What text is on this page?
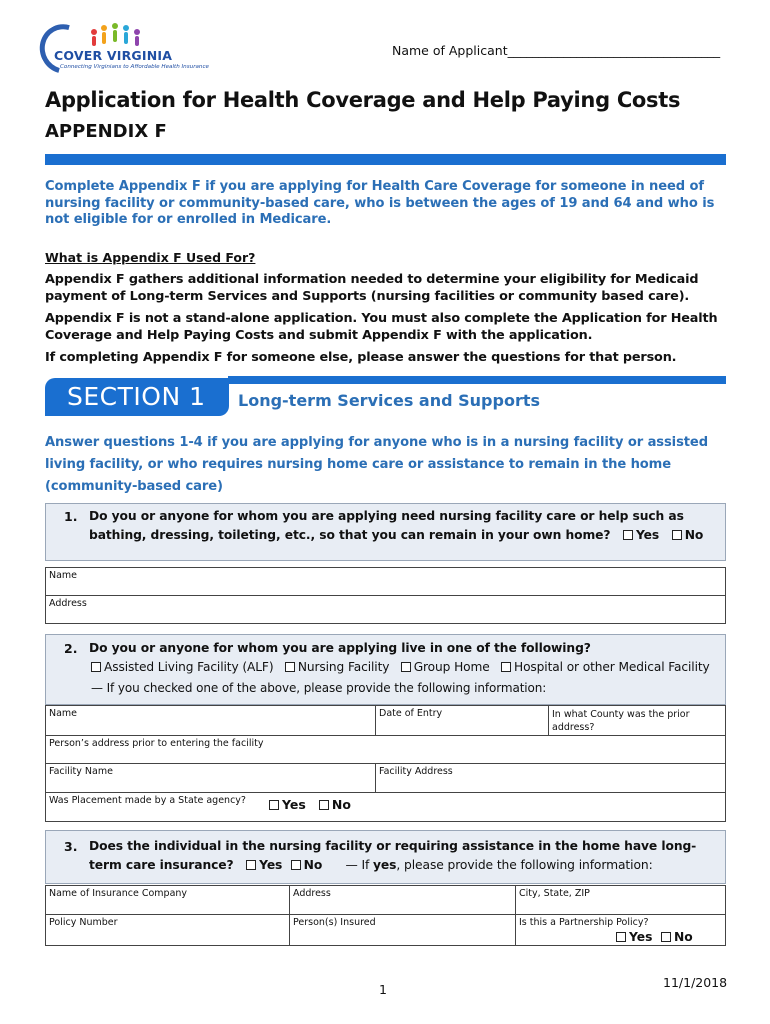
COVER VIRGINIA
Connecting Virginians to Affordable Health Insurance
Name of Applicant__________________________________
Application for Health Coverage and Help Paying Costs
APPENDIX F
Complete Appendix F if you are applying for Health Care Coverage for someone in need of nursing facility or community-based care, who is between the ages of 19 and 64 and who is not eligible for or enrolled in Medicare.
What is Appendix F Used For?
Appendix F gathers additional information needed to determine your eligibility for Medicaid payment of Long-term Services and Supports (nursing facilities or community based care).
Appendix F is not a stand-alone application. You must also complete the Application for Health Coverage and Help Paying Costs and submit Appendix F with the application.
If completing Appendix F for someone else, please answer the questions for that person.
SECTION 1	Long-term Services and Supports
Answer questions 1-4 if you are applying for anyone who is in a nursing facility or assisted living facility, or who requires nursing home care or assistance to remain in the home (community-based care)
1. Do you or anyone for whom you are applying need nursing facility care or help such as bathing, dressing, toileting, etc., so that you can remain in your own home? Yes No
Name
Address
2. Do you or anyone for whom you are applying live in one of the following?
Assisted Living Facility (ALF) Nursing Facility Group Home Hospital or other Medical Facility
— If you checked one of the above, please provide the following information:
Name	Date of Entry	In what County was the prior address?
Person’s address prior to entering the facility
Facility Name	Facility Address
Was Placement made by a State agency?	Yes No
3. Does the individual in the nursing facility or requiring assistance in the home have long-term care insurance? Yes No — If yes, please provide the following information:
Name of Insurance Company	Address	City, State, ZIP
Policy Number	Person(s) Insured	Is this a Partnership Policy?
Yes No
1	11/1/2018
